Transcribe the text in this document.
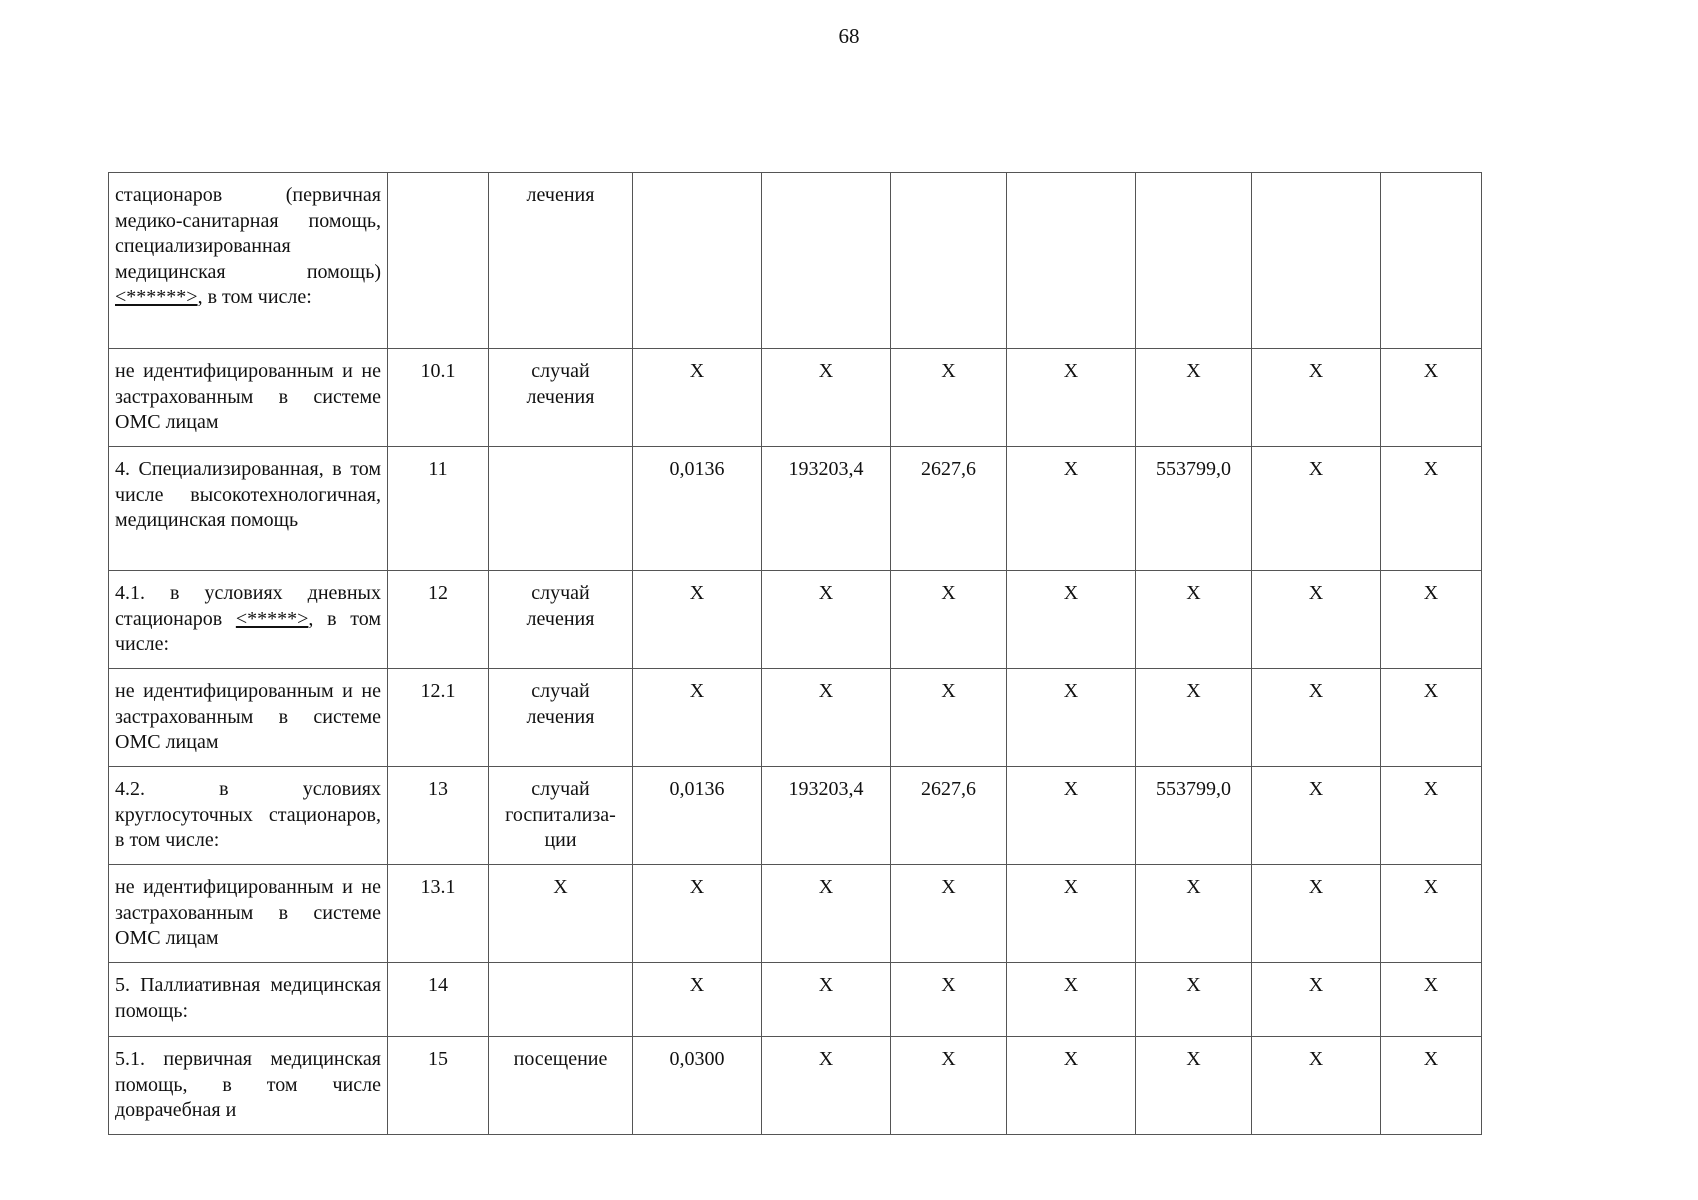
68
стационаров (первичная медико-санитарная помощь, специализированная медицинская помощь)<******>, в том числе:		лечения							
не идентифицированным и не застрахованным в системе ОМС лицам	10.1	случай лечения	X	X	X	X	X	X	X
4. Специализированная, в том числе высокотехнологичная, медицинская помощь	11		0,0136	193203,4	2627,6	X	553799,0	X	X
4.1. в условиях дневных стационаров <*****>, в том числе:	12	случай лечения	X	X	X	X	X	X	X
не идентифицированным и не застрахованным в системе ОМС лицам	12.1	случай лечения	X	X	X	X	X	X	X
4.2. в условиях круглосуточных стационаров, в том числе:	13	случай госпитализа-ции	0,0136	193203,4	2627,6	X	553799,0	X	X
не идентифицированным и не застрахованным в системе ОМС лицам	13.1	X	X	X	X	X	X	X	X
5. Паллиативная медицинская помощь:	14		X	X	X	X	X	X	X
5.1. первичная медицинская помощь, в том числе доврачебная и	15	посещение	0,0300	X	X	X	X	X	X
